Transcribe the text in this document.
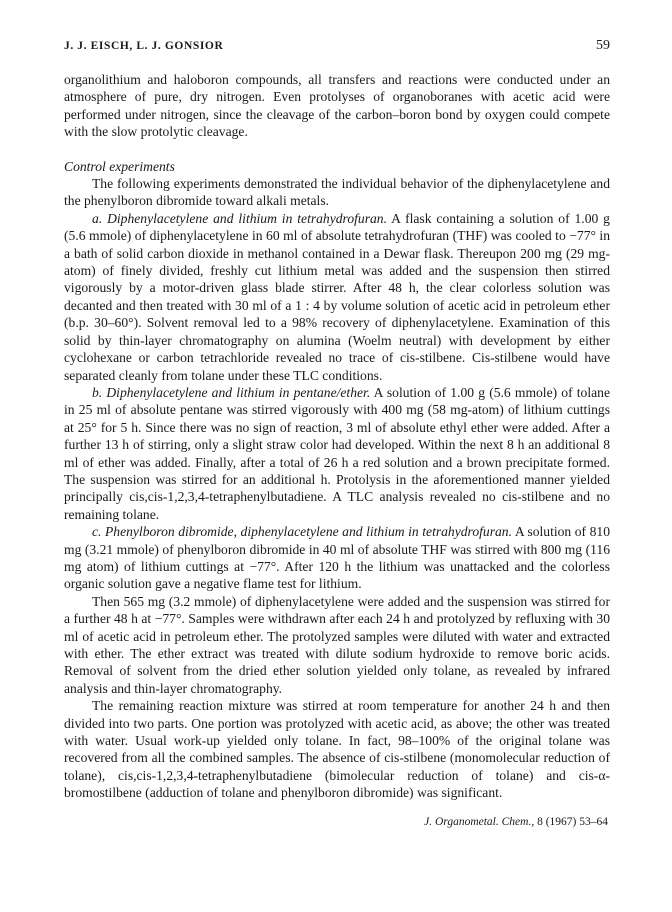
J. J. EISCH, L. J. GONSIOR	59

organolithium and haloboron compounds, all transfers and reactions were conducted under an atmosphere of pure, dry nitrogen. Even protolyses of organoboranes with acetic acid were performed under nitrogen, since the cleavage of the carbon–boron bond by oxygen could compete with the slow protolytic cleavage.

Control experiments

The following experiments demonstrated the individual behavior of the diphenylacetylene and the phenylboron dibromide toward alkali metals.

a. Diphenylacetylene and lithium in tetrahydrofuran. A flask containing a solution of 1.00 g (5.6 mmole) of diphenylacetylene in 60 ml of absolute tetrahydrofuran (THF) was cooled to −77° in a bath of solid carbon dioxide in methanol contained in a Dewar flask. Thereupon 200 mg (29 mg-atom) of finely divided, freshly cut lithium metal was added and the suspension then stirred vigorously by a motor-driven glass blade stirrer. After 48 h, the clear colorless solution was decanted and then treated with 30 ml of a 1 : 4 by volume solution of acetic acid in petroleum ether (b.p. 30–60°). Solvent removal led to a 98% recovery of diphenylacetylene. Examination of this solid by thin-layer chromatography on alumina (Woelm neutral) with development by either cyclohexane or carbon tetrachloride revealed no trace of cis-stilbene. Cis-stilbene would have separated cleanly from tolane under these TLC conditions.

b. Diphenylacetylene and lithium in pentane/ether. A solution of 1.00 g (5.6 mmole) of tolane in 25 ml of absolute pentane was stirred vigorously with 400 mg (58 mg-atom) of lithium cuttings at 25° for 5 h. Since there was no sign of reaction, 3 ml of absolute ethyl ether were added. After a further 13 h of stirring, only a slight straw color had developed. Within the next 8 h an additional 8 ml of ether was added. Finally, after a total of 26 h a red solution and a brown precipitate formed. The suspension was stirred for an additional h. Protolysis in the aforementioned manner yielded principally cis,cis-1,2,3,4-tetraphenylbutadiene. A TLC analysis revealed no cis-stilbene and no remaining tolane.

c. Phenylboron dibromide, diphenylacetylene and lithium in tetrahydrofuran. A solution of 810 mg (3.21 mmole) of phenylboron dibromide in 40 ml of absolute THF was stirred with 800 mg (116 mg atom) of lithium cuttings at −77°. After 120 h the lithium was unattacked and the colorless organic solution gave a negative flame test for lithium.

Then 565 mg (3.2 mmole) of diphenylacetylene were added and the suspension was stirred for a further 48 h at −77°. Samples were withdrawn after each 24 h and protolyzed by refluxing with 30 ml of acetic acid in petroleum ether. The protolyzed samples were diluted with water and extracted with ether. The ether extract was treated with dilute sodium hydroxide to remove boric acids. Removal of solvent from the dried ether solution yielded only tolane, as revealed by infrared analysis and thin-layer chromatography.

The remaining reaction mixture was stirred at room temperature for another 24 h and then divided into two parts. One portion was protolyzed with acetic acid, as above; the other was treated with water. Usual work-up yielded only tolane. In fact, 98–100% of the original tolane was recovered from all the combined samples. The absence of cis-stilbene (monomolecular reduction of tolane), cis,cis-1,2,3,4-tetraphenylbutadiene (bimolecular reduction of tolane) and cis-α-bromostilbene (adduction of tolane and phenylboron dibromide) was significant.

J. Organometal. Chem., 8 (1967) 53–64
